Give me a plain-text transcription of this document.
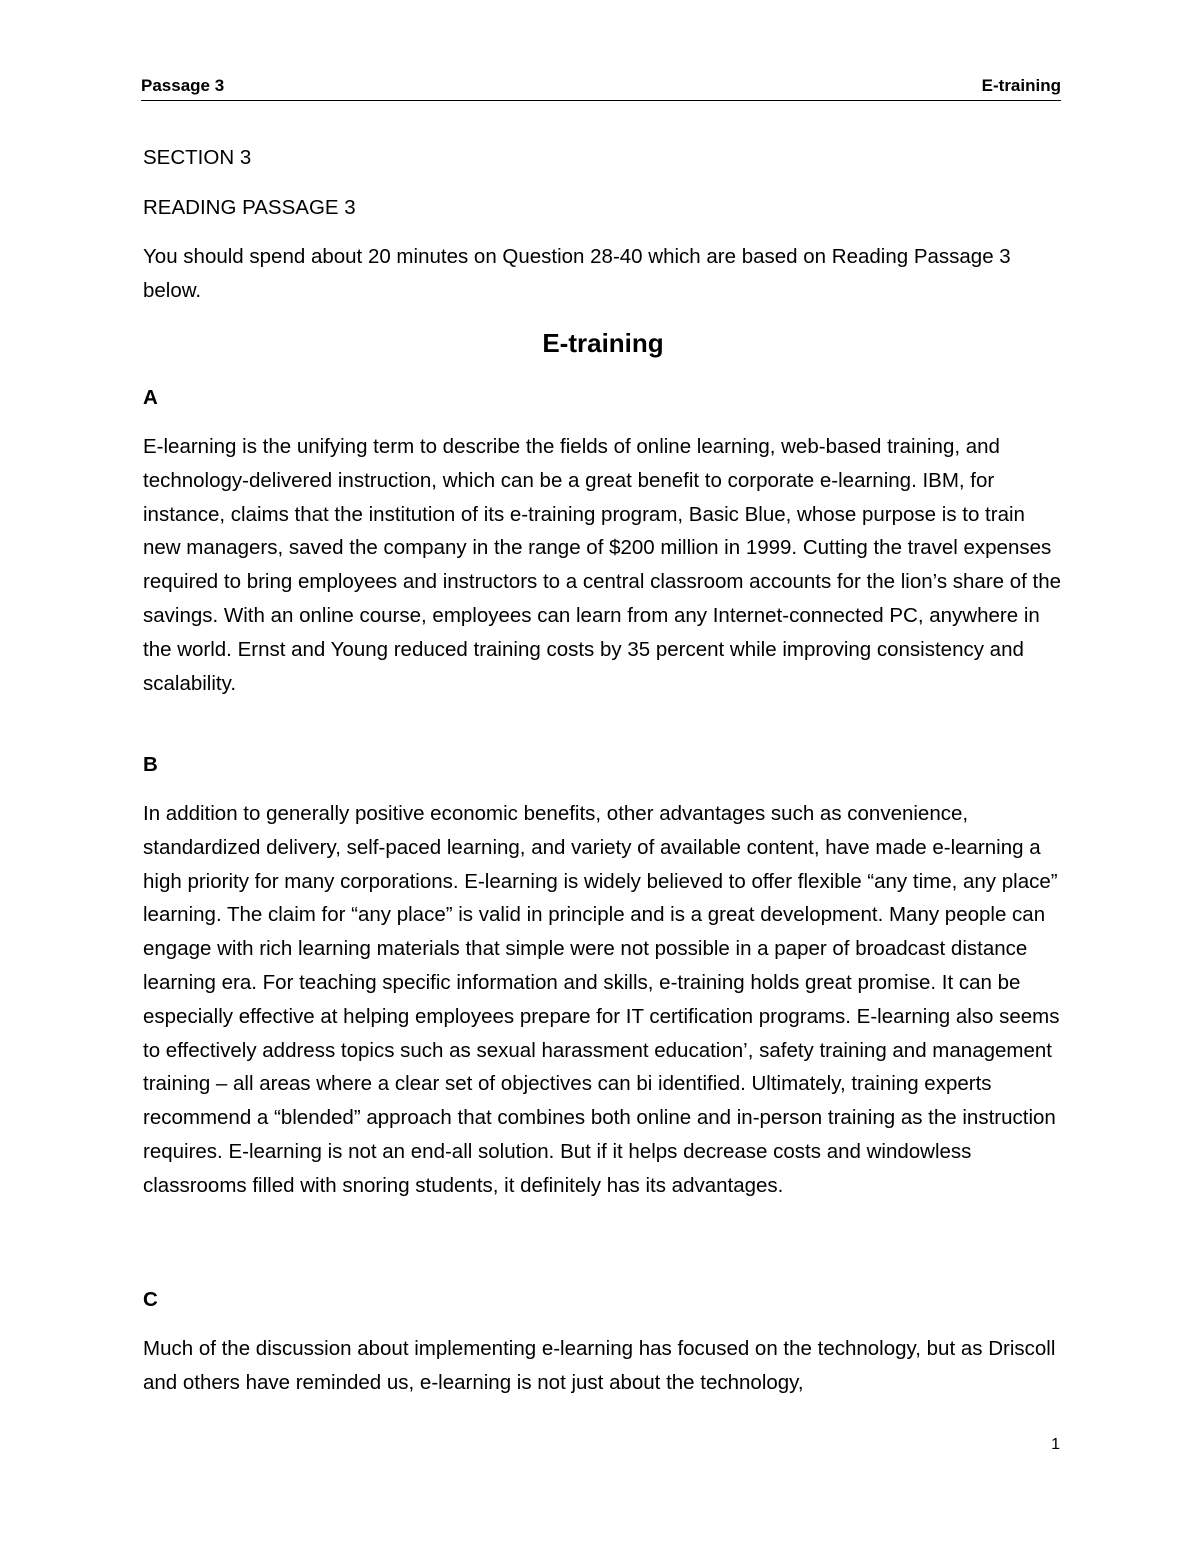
Passage 3	E-training

SECTION 3

READING PASSAGE 3

You should spend about 20 minutes on Question 28-40 which are based on Reading Passage 3 below.

E-training
A

E-learning is the unifying term to describe the fields of online learning, web-based training, and technology-delivered instruction, which can be a great benefit to corporate e-learning. IBM, for instance, claims that the institution of its e-training program, Basic Blue, whose purpose is to train new managers, saved the company in the range of $200 million in 1999. Cutting the travel expenses required to bring employees and instructors to a central classroom accounts for the lion’s share of the savings. With an online course, employees can learn from any Internet-connected PC, anywhere in the world. Ernst and Young reduced training costs by 35 percent while improving consistency and scalability.

B

In addition to generally positive economic benefits, other advantages such as convenience, standardized delivery, self-paced learning, and variety of available content, have made e-learning a high priority for many corporations. E-learning is widely believed to offer flexible “any time, any place” learning. The claim for “any place” is valid in principle and is a great development. Many people can engage with rich learning materials that simple were not possible in a paper of broadcast distance learning era. For teaching specific information and skills, e-training holds great promise. It can be especially effective at helping employees prepare for IT certification programs. E-learning also seems to effectively address topics such as sexual harassment education’, safety training and management training – all areas where a clear set of objectives can bi identified. Ultimately, training experts recommend a “blended” approach that combines both online and in-person training as the instruction requires. E-learning is not an end-all solution. But if it helps decrease costs and windowless classrooms filled with snoring students, it definitely has its advantages.

C

Much of the discussion about implementing e-learning has focused on the technology, but as Driscoll and others have reminded us, e-learning is not just about the technology,

1
